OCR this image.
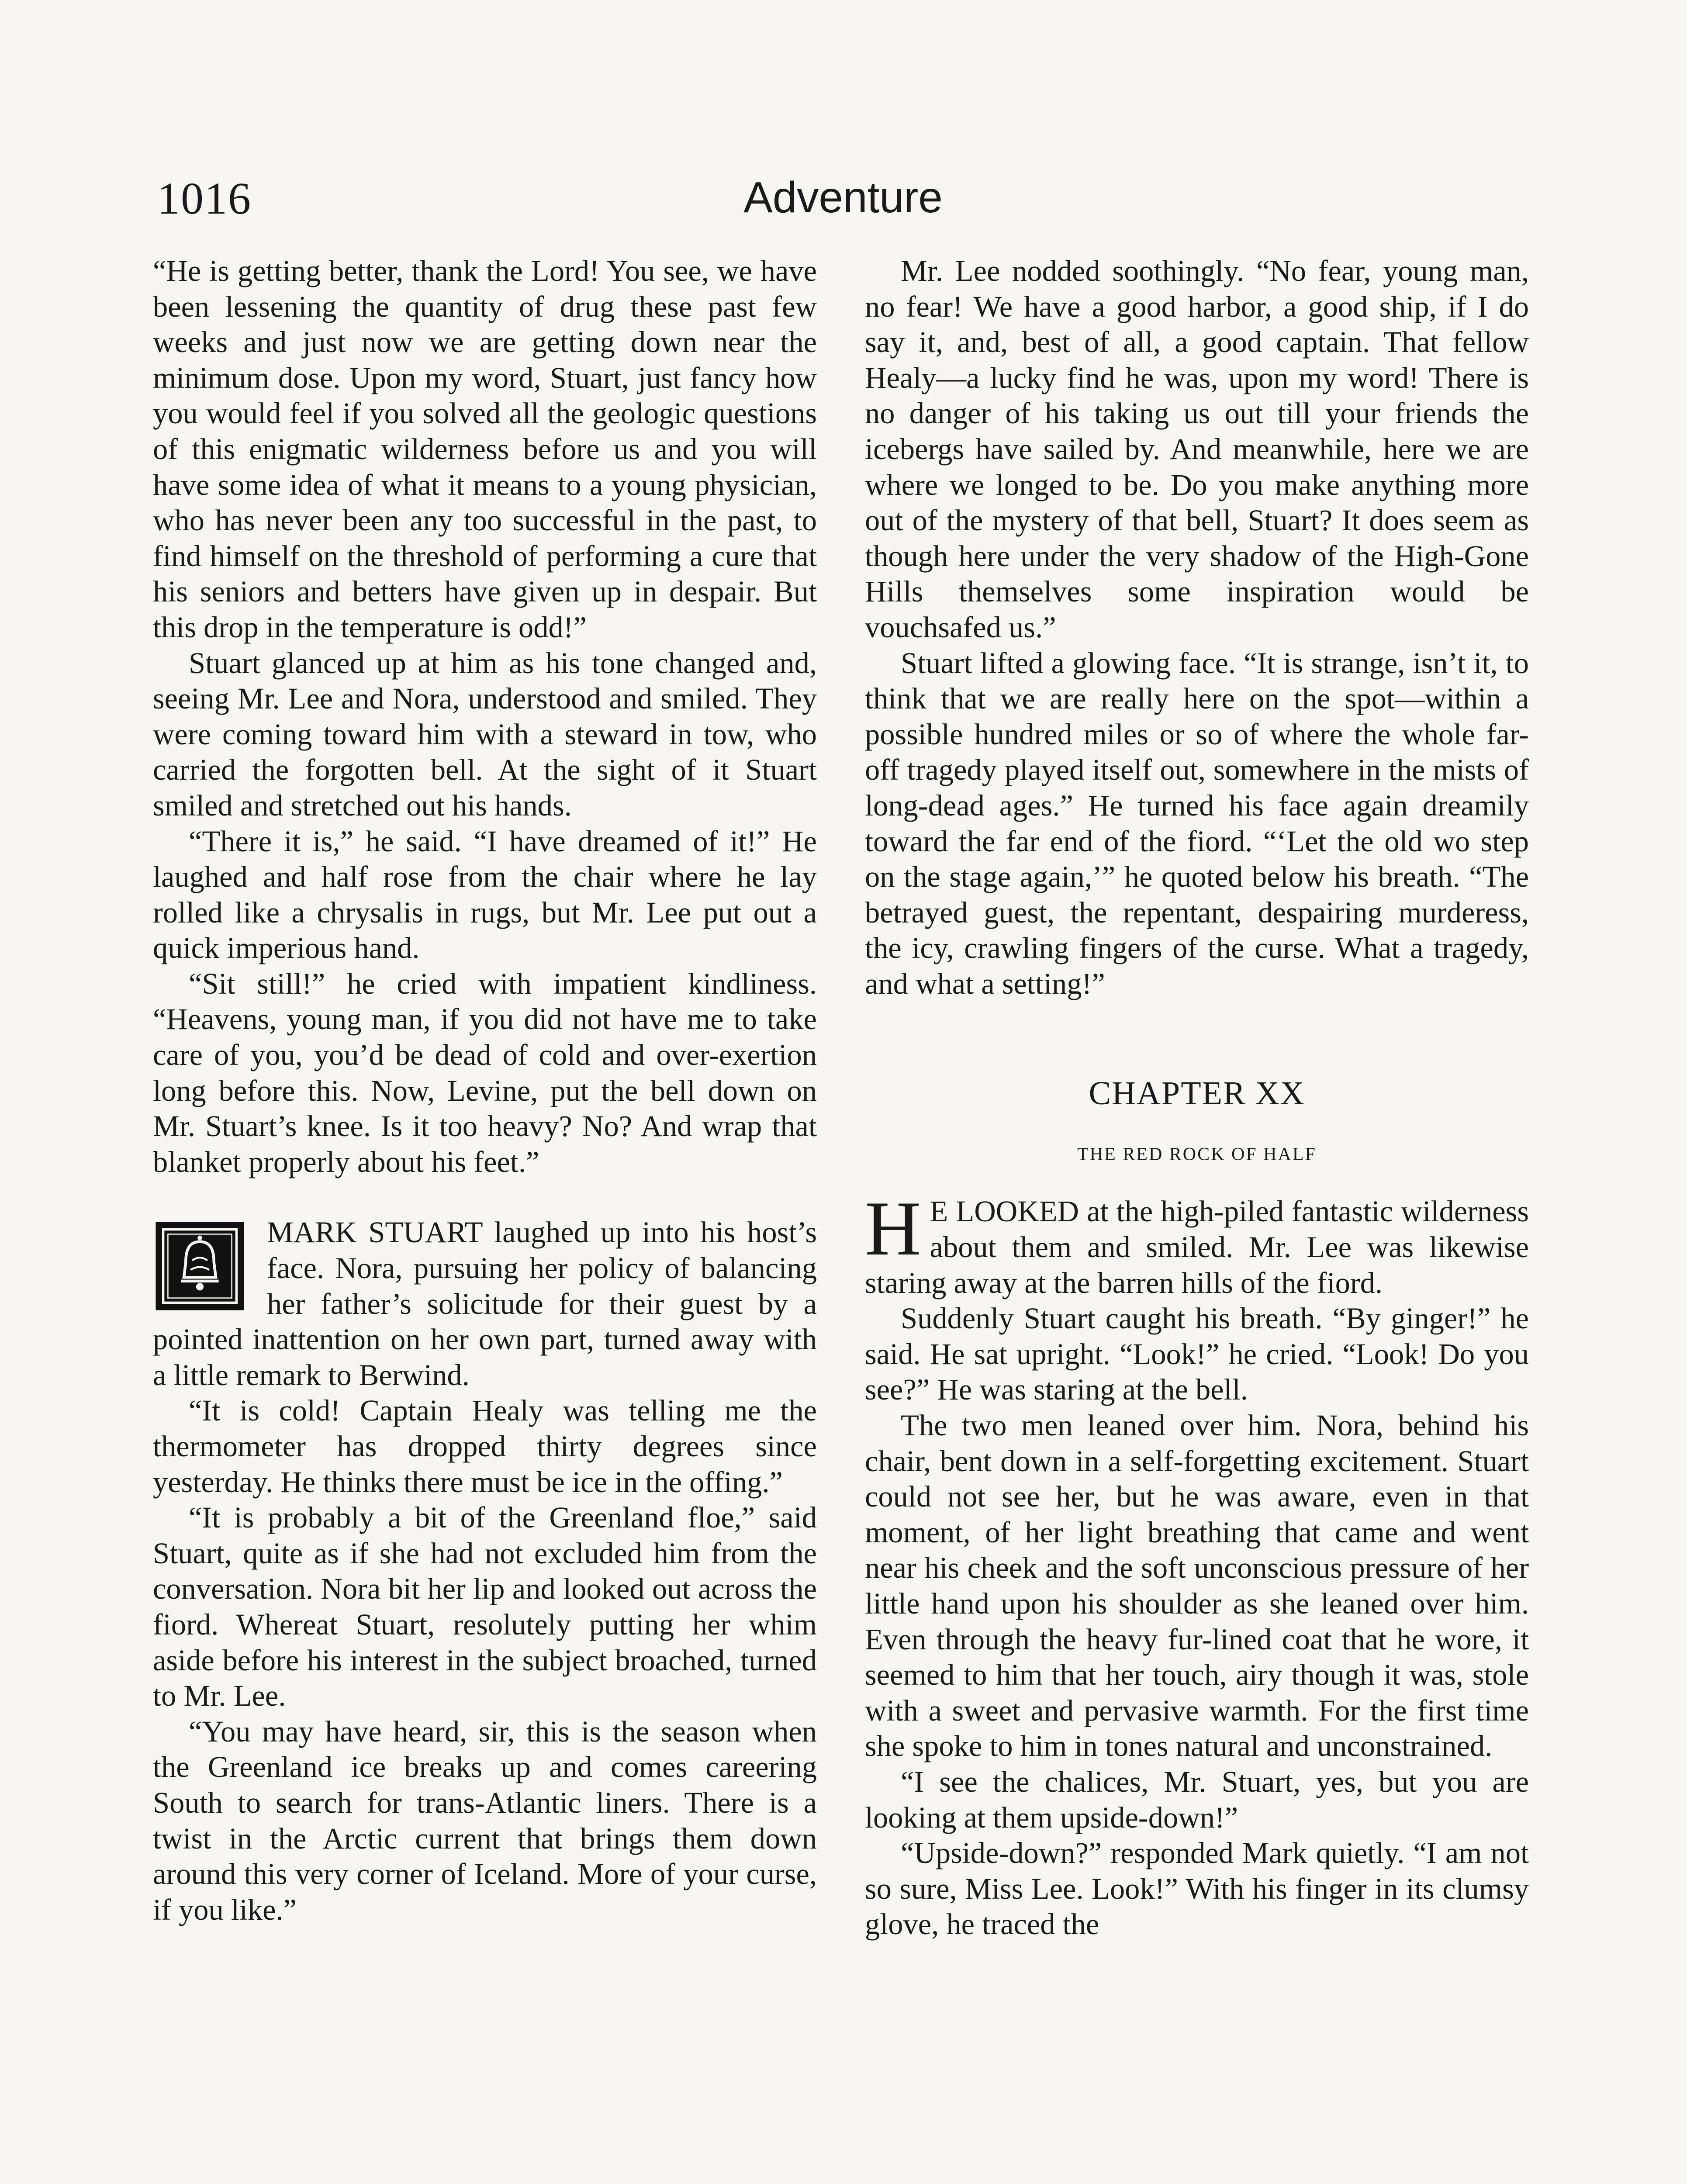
1016	Adventure

“He is getting better, thank the Lord! You see, we have been lessening the quantity of drug these past few weeks and just now we are getting down near the minimum dose. Upon my word, Stuart, just fancy how you would feel if you solved all the geologic questions of this enigmatic wilderness before us and you will have some idea of what it means to a young physician, who has never been any too successful in the past, to find himself on the threshold of performing a cure that his seniors and betters have given up in despair. But this drop in the temperature is odd!”

Stuart glanced up at him as his tone changed and, seeing Mr. Lee and Nora, understood and smiled. They were coming toward him with a steward in tow, who carried the forgotten bell. At the sight of it Stuart smiled and stretched out his hands.

“There it is,” he said. “I have dreamed of it!” He laughed and half rose from the chair where he lay rolled like a chrysalis in rugs, but Mr. Lee put out a quick imperious hand.

“Sit still!” he cried with impatient kindliness. “Heavens, young man, if you did not have me to take care of you, you’d be dead of cold and over-exertion long before this. Now, Levine, put the bell down on Mr. Stuart’s knee. Is it too heavy? No? And wrap that blanket properly about his feet.”

MARK STUART laughed up into his host’s face. Nora, pursuing her policy of balancing her father’s solicitude for their guest by a pointed inattention on her own part, turned away with a little remark to Berwind.

“It is cold! Captain Healy was telling me the thermometer has dropped thirty degrees since yesterday. He thinks there must be ice in the offing.”

“It is probably a bit of the Greenland floe,” said Stuart, quite as if she had not excluded him from the conversation. Nora bit her lip and looked out across the fiord. Whereat Stuart, resolutely putting her whim aside before his interest in the subject broached, turned to Mr. Lee.

“You may have heard, sir, this is the season when the Greenland ice breaks up and comes careering South to search for trans-Atlantic liners. There is a twist in the Arctic current that brings them down around this very corner of Iceland. More of your curse, if you like.”

Mr. Lee nodded soothingly. “No fear, young man, no fear! We have a good harbor, a good ship, if I do say it, and, best of all, a good captain. That fellow Healy—a lucky find he was, upon my word! There is no danger of his taking us out till your friends the icebergs have sailed by. And meanwhile, here we are where we longed to be. Do you make anything more out of the mystery of that bell, Stuart? It does seem as though here under the very shadow of the High-Gone Hills themselves some inspiration would be vouchsafed us.”

Stuart lifted a glowing face. “It is strange, isn’t it, to think that we are really here on the spot—within a possible hundred miles or so of where the whole far-off tragedy played itself out, somewhere in the mists of long-dead ages.” He turned his face again dreamily toward the far end of the fiord. “‘Let the old wo step on the stage again,’” he quoted below his breath. “The betrayed guest, the repentant, despairing murderess, the icy, crawling fingers of the curse. What a tragedy, and what a setting!”

CHAPTER XX
THE RED ROCK OF HALF

H E LOOKED at the high-piled fantastic wilderness about them and smiled. Mr. Lee was likewise staring away at the barren hills of the fiord.

Suddenly Stuart caught his breath. “By ginger!” he said. He sat upright. “Look!” he cried. “Look! Do you see?” He was staring at the bell.

The two men leaned over him. Nora, behind his chair, bent down in a self-forgetting excitement. Stuart could not see her, but he was aware, even in that moment, of her light breathing that came and went near his cheek and the soft unconscious pressure of her little hand upon his shoulder as she leaned over him. Even through the heavy fur-lined coat that he wore, it seemed to him that her touch, airy though it was, stole with a sweet and pervasive warmth. For the first time she spoke to him in tones natural and unconstrained.

“I see the chalices, Mr. Stuart, yes, but you are looking at them upside-down!”

“Upside-down?” responded Mark quietly. “I am not so sure, Miss Lee. Look!” With his finger in its clumsy glove, he traced the
